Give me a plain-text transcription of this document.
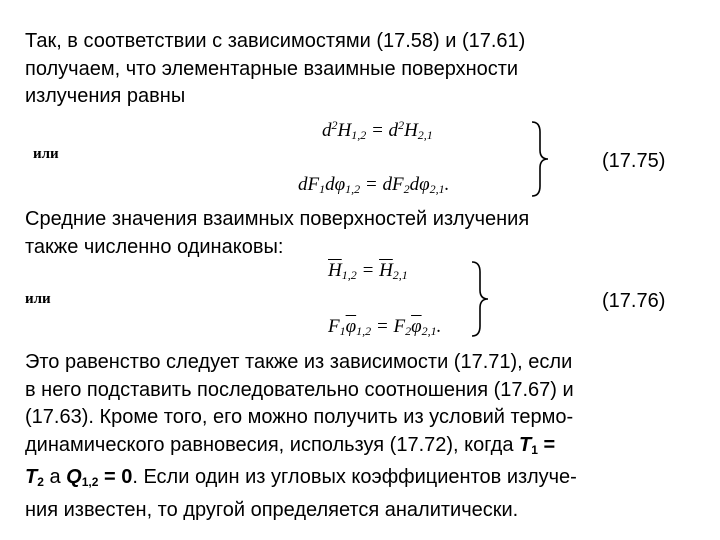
Так, в соответствии с зависимостями (17.58) и (17.61)
получаем, что элементарные взаимные поверхности
излучения равны
$d^2H_{1,2} = d^2H_{2,1}$
или
$dF_1d\varphi_{1,2} = dF_2d\varphi_{2,1}$.
(17.75)
Средние значения взаимных поверхностей излучения
также численно одинаковы:
$\overline{H}_{1,2} = \overline{H}_{2,1}$
или
$F_1\overline{\varphi}_{1,2} = F_2\overline{\varphi}_{2,1}$.
(17.76)
Это равенство следует также из зависимости (17.71), если
в него подставить последовательно соотношения (17.67) и
(17.63). Кроме того, его можно получить из условий термо-
динамического равновесия, используя (17.72), когда $T_1$ =
$T_2$ а $Q_{1,2} = 0$. Если один из угловых коэффициентов излуче-
ния известен, то другой определяется аналитически.
